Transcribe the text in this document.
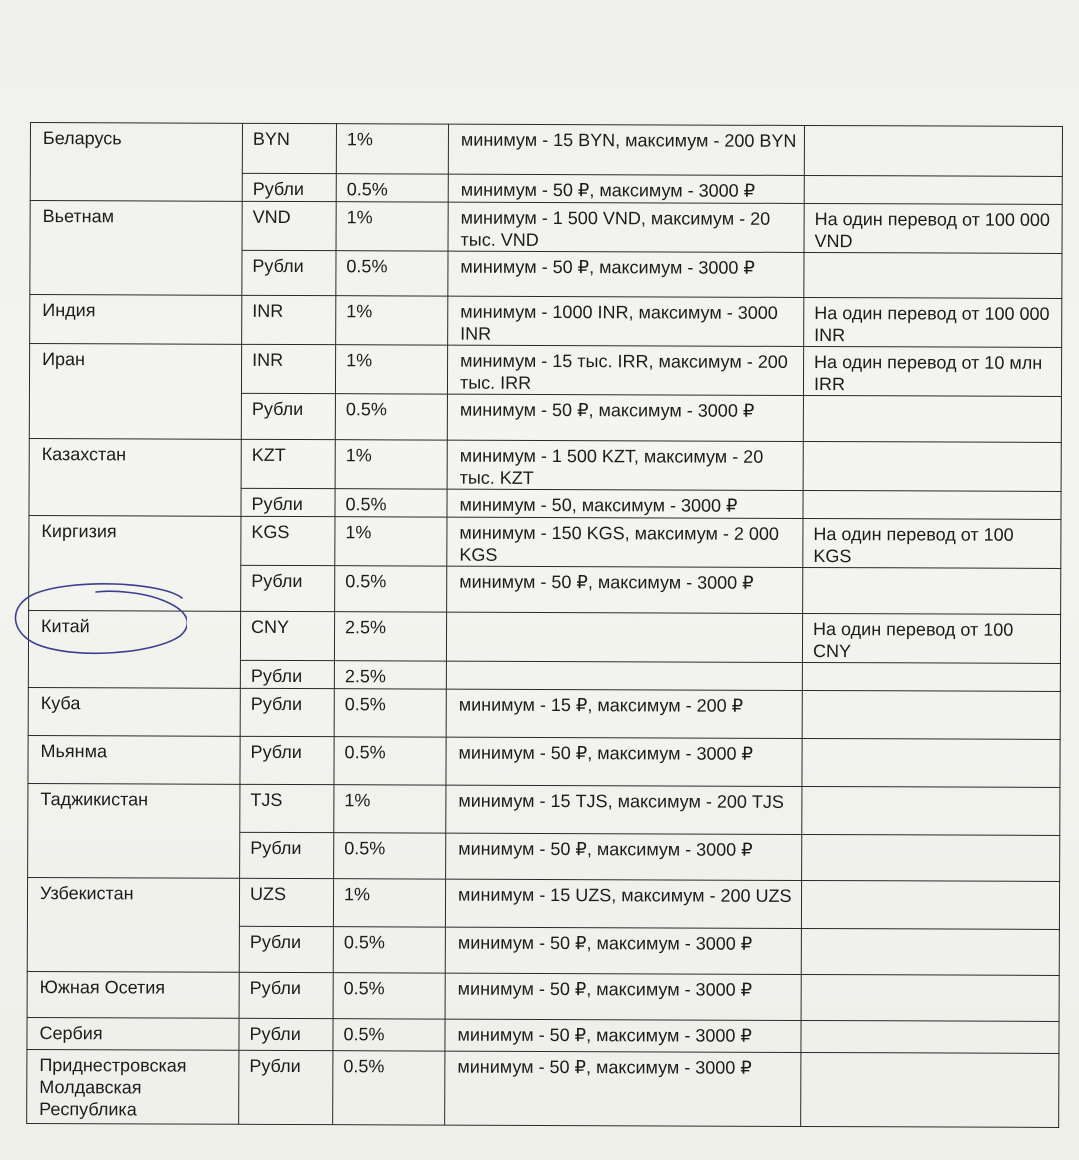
Беларусь	BYN	1%	минимум - 15 BYN, максимум - 200 BYN	
	Рубли	0.5%	минимум - 50 ₽, максимум - 3000 ₽	
Вьетнам	VND	1%	минимум - 1 500 VND, максимум - 20 тыс. VND	На один перевод от 100 000 VND
	Рубли	0.5%	минимум - 50 ₽, максимум - 3000 ₽	
Индия	INR	1%	минимум - 1000 INR, максимум - 3000 INR	На один перевод от 100 000 INR
Иран	INR	1%	минимум - 15 тыс. IRR, максимум - 200 тыс. IRR	На один перевод от 10 млн IRR
	Рубли	0.5%	минимум - 50 ₽, максимум - 3000 ₽	
Казахстан	KZT	1%	минимум - 1 500 KZT, максимум - 20 тыс. KZT	
	Рубли	0.5%	минимум - 50, максимум - 3000 ₽	
Киргизия	KGS	1%	минимум - 150 KGS, максимум - 2 000 KGS	На один перевод от 100 KGS
	Рубли	0.5%	минимум - 50 ₽, максимум - 3000 ₽	
Китай	CNY	2.5%		На один перевод от 100 CNY
	Рубли	2.5%		
Куба	Рубли	0.5%	минимум - 15 ₽, максимум - 200 ₽	
Мьянма	Рубли	0.5%	минимум - 50 ₽, максимум - 3000 ₽	
Таджикистан	TJS	1%	минимум - 15 TJS, максимум - 200 TJS	
	Рубли	0.5%	минимум - 50 ₽, максимум - 3000 ₽	
Узбекистан	UZS	1%	минимум - 15 UZS, максимум - 200 UZS	
	Рубли	0.5%	минимум - 50 ₽, максимум - 3000 ₽	
Южная Осетия	Рубли	0.5%	минимум - 50 ₽, максимум - 3000 ₽	
Сербия	Рубли	0.5%	минимум - 50 ₽, максимум - 3000 ₽	
Приднестровская Молдавская Республика	Рубли	0.5%	минимум - 50 ₽, максимум - 3000 ₽	
